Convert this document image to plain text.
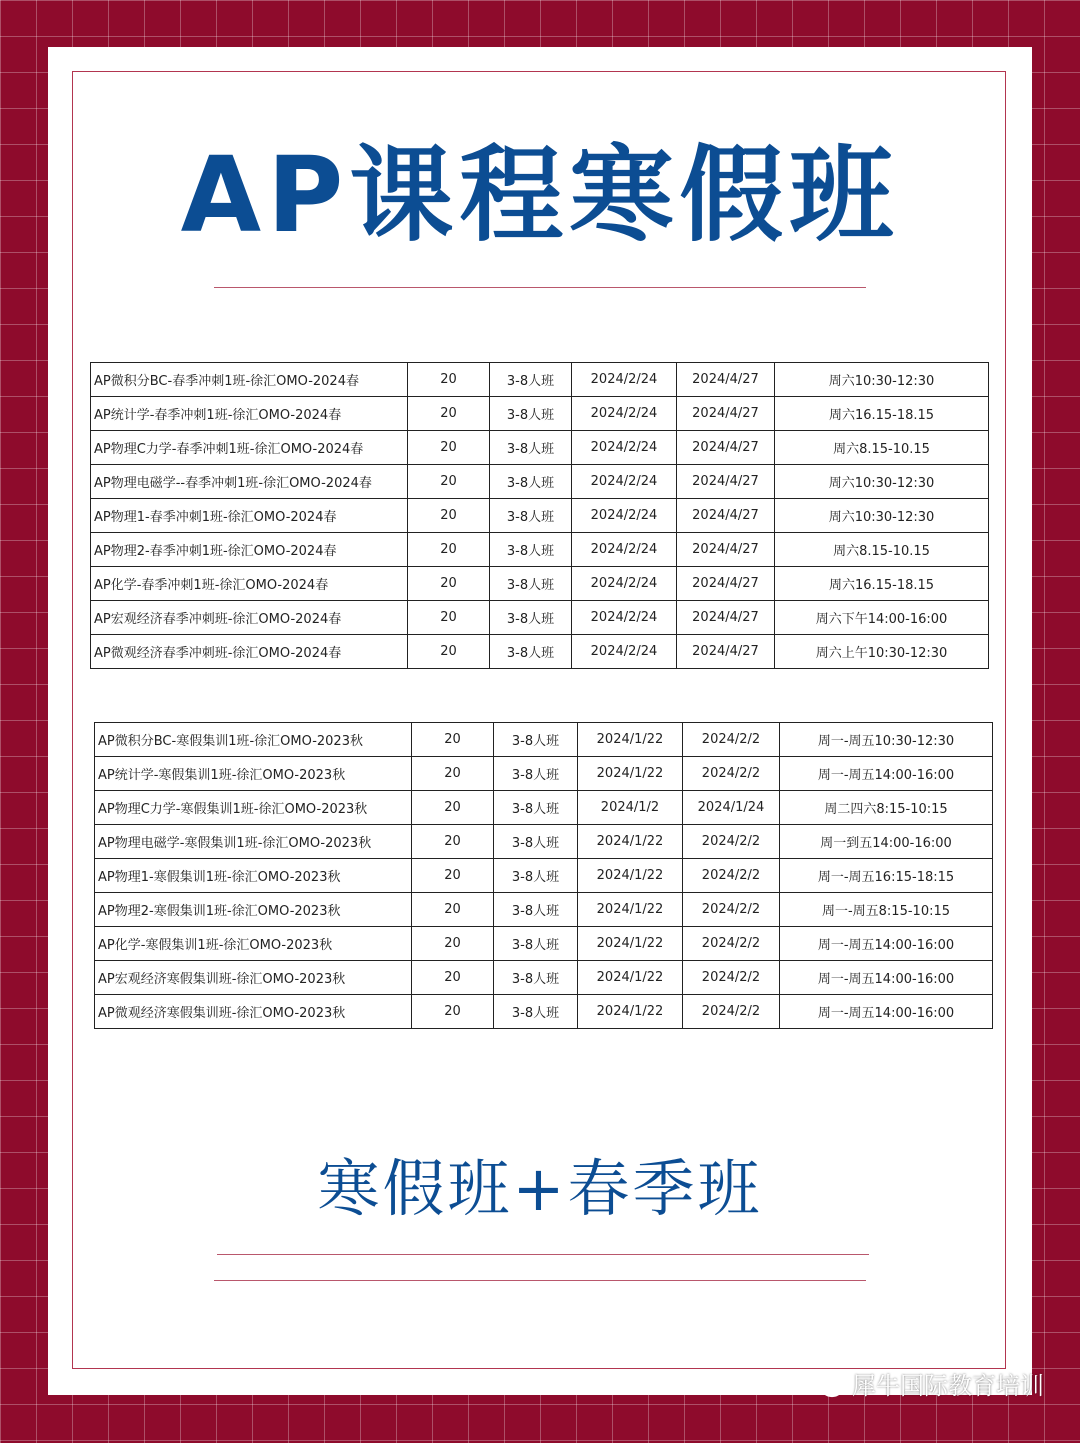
AP课程寒假班
AP微积分BC-春季冲刺1班-徐汇OMO-2024春	20	3-8人班	2024/2/24	2024/4/27	周六10:30-12:30
AP统计学-春季冲刺1班-徐汇OMO-2024春	20	3-8人班	2024/2/24	2024/4/27	周六16.15-18.15
AP物理C力学-春季冲刺1班-徐汇OMO-2024春	20	3-8人班	2024/2/24	2024/4/27	周六8.15-10.15
AP物理电磁学--春季冲刺1班-徐汇OMO-2024春	20	3-8人班	2024/2/24	2024/4/27	周六10:30-12:30
AP物理1-春季冲刺1班-徐汇OMO-2024春	20	3-8人班	2024/2/24	2024/4/27	周六10:30-12:30
AP物理2-春季冲刺1班-徐汇OMO-2024春	20	3-8人班	2024/2/24	2024/4/27	周六8.15-10.15
AP化学-春季冲刺1班-徐汇OMO-2024春	20	3-8人班	2024/2/24	2024/4/27	周六16.15-18.15
AP宏观经济春季冲刺班-徐汇OMO-2024春	20	3-8人班	2024/2/24	2024/4/27	周六下午14:00-16:00
AP微观经济春季冲刺班-徐汇OMO-2024春	20	3-8人班	2024/2/24	2024/4/27	周六上午10:30-12:30
AP微积分BC-寒假集训1班-徐汇OMO-2023秋	20	3-8人班	2024/1/22	2024/2/2	周一-周五10:30-12:30
AP统计学-寒假集训1班-徐汇OMO-2023秋	20	3-8人班	2024/1/22	2024/2/2	周一-周五14:00-16:00
AP物理C力学-寒假集训1班-徐汇OMO-2023秋	20	3-8人班	2024/1/2	2024/1/24	周二四六8:15-10:15
AP物理电磁学-寒假集训1班-徐汇OMO-2023秋	20	3-8人班	2024/1/22	2024/2/2	周一到五14:00-16:00
AP物理1-寒假集训1班-徐汇OMO-2023秋	20	3-8人班	2024/1/22	2024/2/2	周一-周五16:15-18:15
AP物理2-寒假集训1班-徐汇OMO-2023秋	20	3-8人班	2024/1/22	2024/2/2	周一-周五8:15-10:15
AP化学-寒假集训1班-徐汇OMO-2023秋	20	3-8人班	2024/1/22	2024/2/2	周一-周五14:00-16:00
AP宏观经济寒假集训班-徐汇OMO-2023秋	20	3-8人班	2024/1/22	2024/2/2	周一-周五14:00-16:00
AP微观经济寒假集训班-徐汇OMO-2023秋	20	3-8人班	2024/1/22	2024/2/2	周一-周五14:00-16:00
寒假班+春季班
犀牛国际教育培训
